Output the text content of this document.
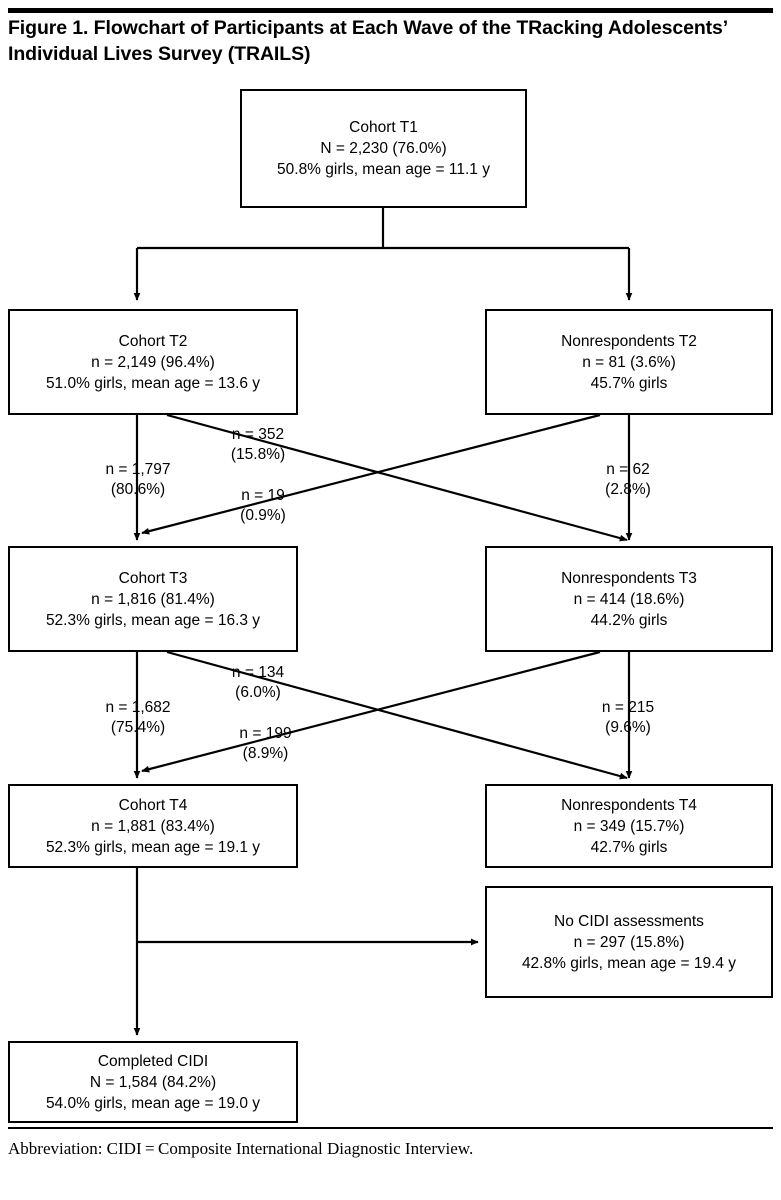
Figure 1. Flowchart of Participants at Each Wave of the TRacking Adolescents’ Individual Lives Survey (TRAILS)
Cohort T1
N = 2,230 (76.0%)
50.8% girls, mean age = 11.1 y
Cohort T2
n = 2,149 (96.4%)
51.0% girls, mean age = 13.6 y
Nonrespondents T2
n = 81 (3.6%)
45.7% girls
Cohort T3
n = 1,816 (81.4%)
52.3% girls, mean age = 16.3 y
Nonrespondents T3
n = 414 (18.6%)
44.2% girls
Cohort T4
n = 1,881 (83.4%)
52.3% girls, mean age = 19.1 y
Nonrespondents T4
n = 349 (15.7%)
42.7% girls
No CIDI assessments
n = 297 (15.8%)
42.8% girls, mean age = 19.4 y
Completed CIDI
N = 1,584 (84.2%)
54.0% girls, mean age = 19.0 y
n = 1,797
(80.6%)
n = 352
(15.8%)
n = 19
(0.9%)
n = 62
(2.8%)
n = 1,682
(75.4%)
n = 134
(6.0%)
n = 199
(8.9%)
n = 215
(9.6%)
Abbreviation: CIDI = Composite International Diagnostic Interview.
